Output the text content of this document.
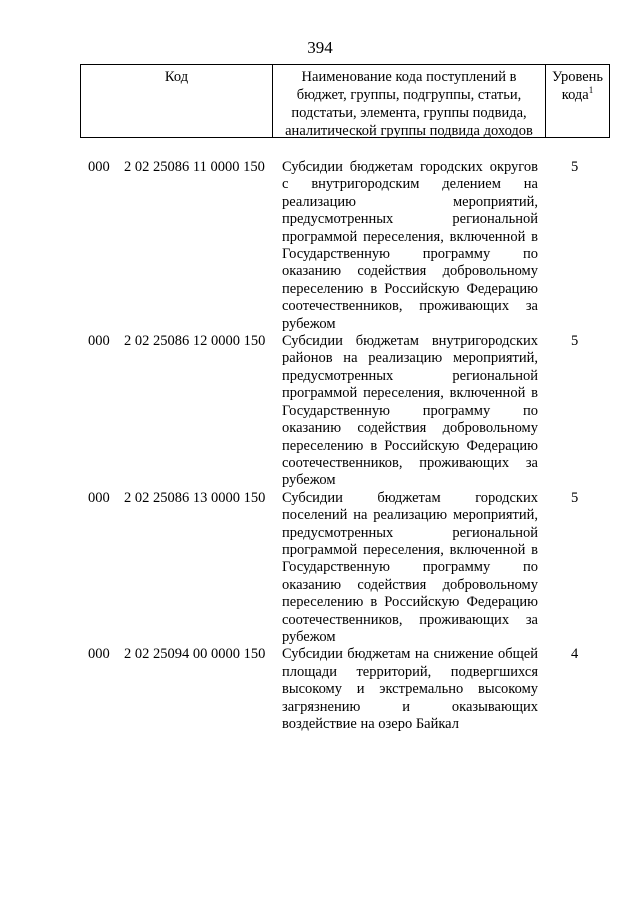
394
Код	Наименование кода поступлений в бюджет, группы, подгруппы, статьи, подстатьи, элемента, группы подвида, аналитической группы подвида доходов
Уровень кода$^1$
000 2 02 25086 11 0000 150 Субсидии бюджетам городских округов с внутригородским делением на реализацию мероприятий, предусмотренных региональной программой переселения, включенной в Государственную программу по оказанию содействия добровольному переселению в Российскую Федерацию соотечественников, проживающих за рубежом
5
000 2 02 25086 12 0000 150 Субсидии бюджетам внутригородских районов на реализацию мероприятий, предусмотренных региональной программой переселения, включенной в Государственную программу по оказанию содействия добровольному переселению в Российскую Федерацию соотечественников, проживающих за рубежом
5
000 2 02 25086 13 0000 150 Субсидии бюджетам городских поселений на реализацию мероприятий, предусмотренных региональной программой переселения, включенной в Государственную программу по оказанию содействия добровольному переселению в Российскую Федерацию соотечественников, проживающих за рубежом
5
000 2 02 25094 00 0000 150 Субсидии бюджетам на снижение общей площади территорий, подвергшихся высокому и экстремально высокому загрязнению и оказывающих воздействие на озеро Байкал
4
